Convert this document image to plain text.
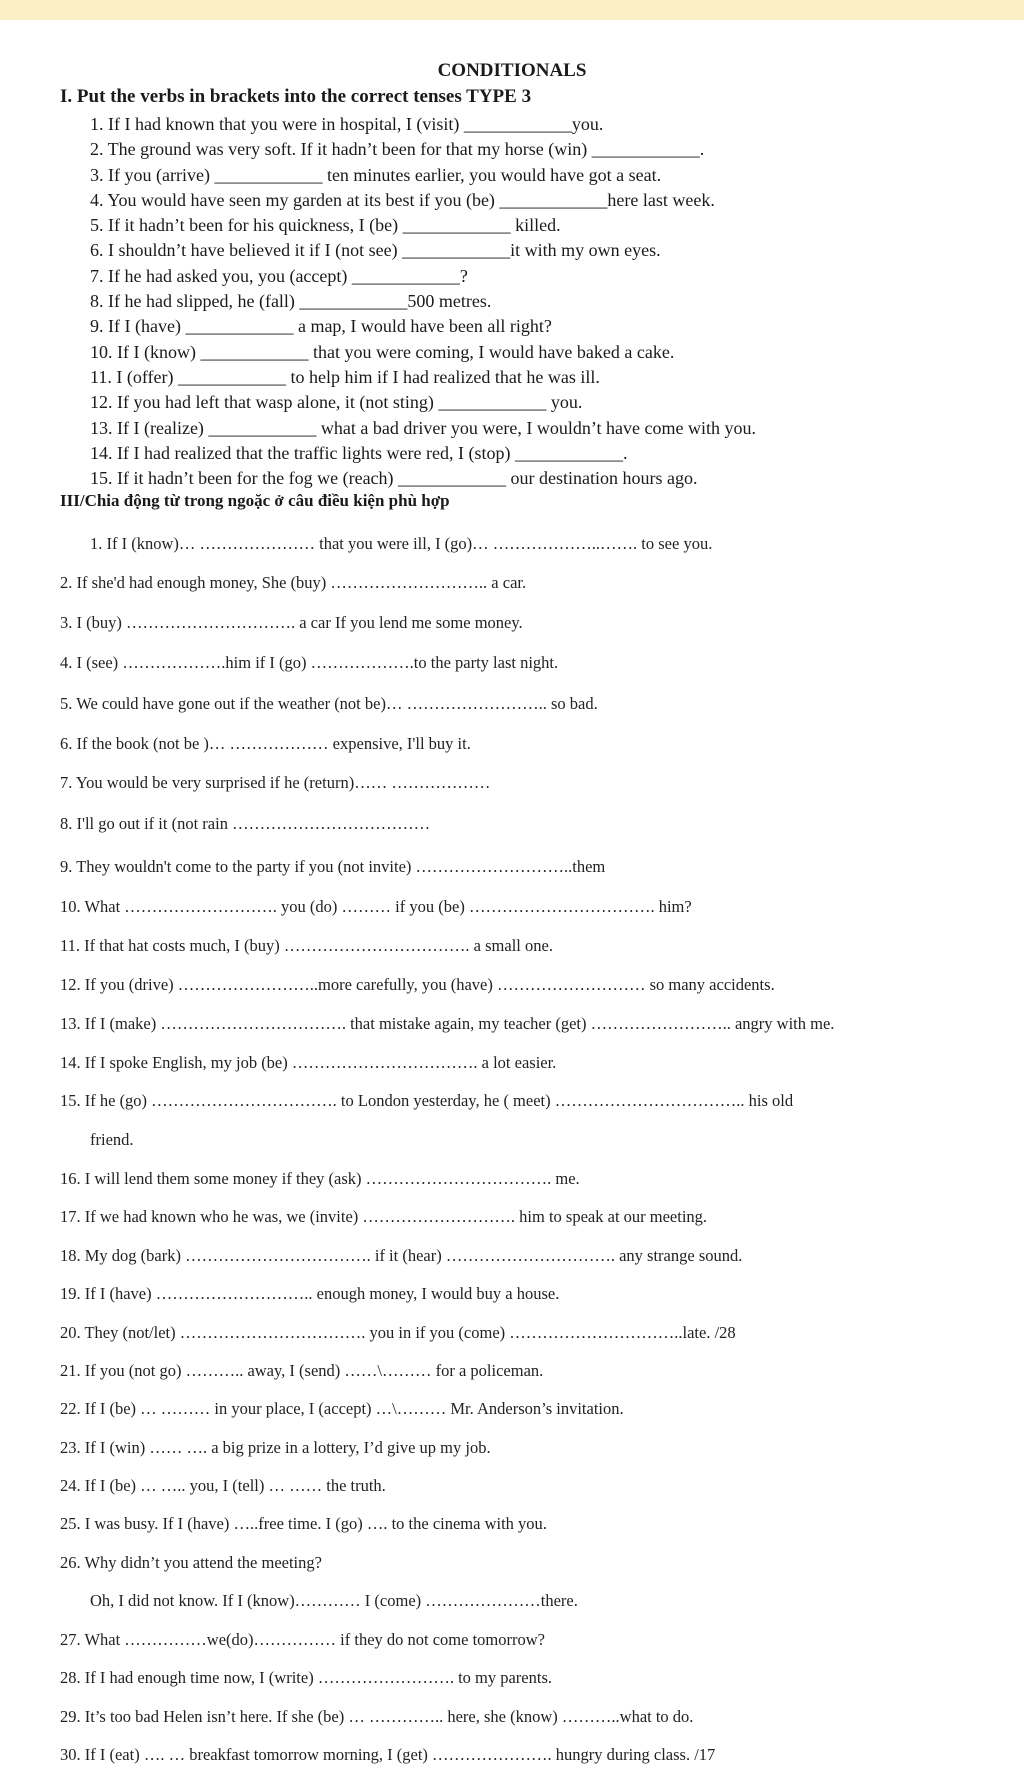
CONDITIONALS
I. Put the verbs in brackets into the correct tenses TYPE 3
1. If I had known that you were in hospital, I (visit) ____________you.
2. The ground was very soft. If it hadn’t been for that my horse (win) ____________.
3. If you (arrive) ____________ ten minutes earlier, you would have got a seat.
4. You would have seen my garden at its best if you (be) ____________here last week.
5. If it hadn’t been for his quickness, I (be) ____________ killed.
6. I shouldn’t have believed it if I (not see) ____________it with my own eyes.
7. If he had asked you, you (accept) ____________?
8. If he had slipped, he (fall) ____________500 metres.
9. If I (have) ____________ a map, I would have been all right?
10. If I (know) ____________ that you were coming, I would have baked a cake.
11. I (offer) ____________ to help him if I had realized that he was ill.
12. If you had left that wasp alone, it (not sting) ____________ you.
13. If I (realize) ____________ what a bad driver you were, I wouldn’t have come with you.
14. If I had realized that the traffic lights were red, I (stop) ____________.
15. If it hadn’t been for the fog we (reach) ____________ our destination hours ago.
III/Chia động từ trong ngoặc ở câu điều kiện phù hợp
1. If I (know)… ………………… that you were ill, I (go)… ………………..……. to see you.
2. If she'd had enough money, She (buy) ……………………….. a car.
3. I (buy) …………………………. a car If you lend me some money.
4. I (see) ……………….him if I (go) ……………….to the party last night.
5. We could have gone out if the weather (not be)… …………………….. so bad.
6. If the book (not be )… ……………… expensive, I'll buy it.
7. You would be very surprised if he (return)…… ………………
8. I'll go out if it (not rain ………………………………
9. They wouldn't come to the party if you (not invite) ………………………..them
10. What ………………………. you (do) ……… if you (be) ……………………………. him?
11. If that hat costs much, I (buy) ……………………………. a small one.
12. If you (drive) ……………………..more carefully, you (have) ……………………… so many accidents.
13. If I (make) ……………………………. that mistake again, my teacher (get) …………………….. angry with me.
14. If I spoke English, my job (be) ……………………………. a lot easier.
15. If he (go) ……………………………. to London yesterday, he ( meet) …………………………….. his old
friend.
16. I will lend them some money if they (ask) ……………………………. me.
17. If we had known who he was, we (invite) ………………………. him to speak at our meeting.
18. My dog (bark) ……………………………. if it (hear) …………………………. any strange sound.
19. If I (have) ……………………….. enough money, I would buy a house.
20. They (not/let) ……………………………. you in if you (come) …………………………..late. /28
21. If you (not go) ……….. away, I (send) ……\……… for a policeman.
22. If I (be) … ……… in your place, I (accept) …\……… Mr. Anderson’s invitation.
23. If I (win) …… …. a big prize in a lottery, I’d give up my job.
24. If I (be) … ….. you, I (tell) … …… the truth.
25. I was busy. If I (have) …..free time. I (go) …. to the cinema with you.
26. Why didn’t you attend the meeting?
Oh, I did not know. If I (know)………… I (come) …………………there.
27. What ……………we(do)…………… if they do not come tomorrow?
28. If I had enough time now, I (write) ……………………. to my parents.
29. It’s too bad Helen isn’t here. If she (be) … ………….. here, she (know) ………..what to do.
30. If I (eat) …. … breakfast tomorrow morning, I (get) …………………. hungry during class. /17
